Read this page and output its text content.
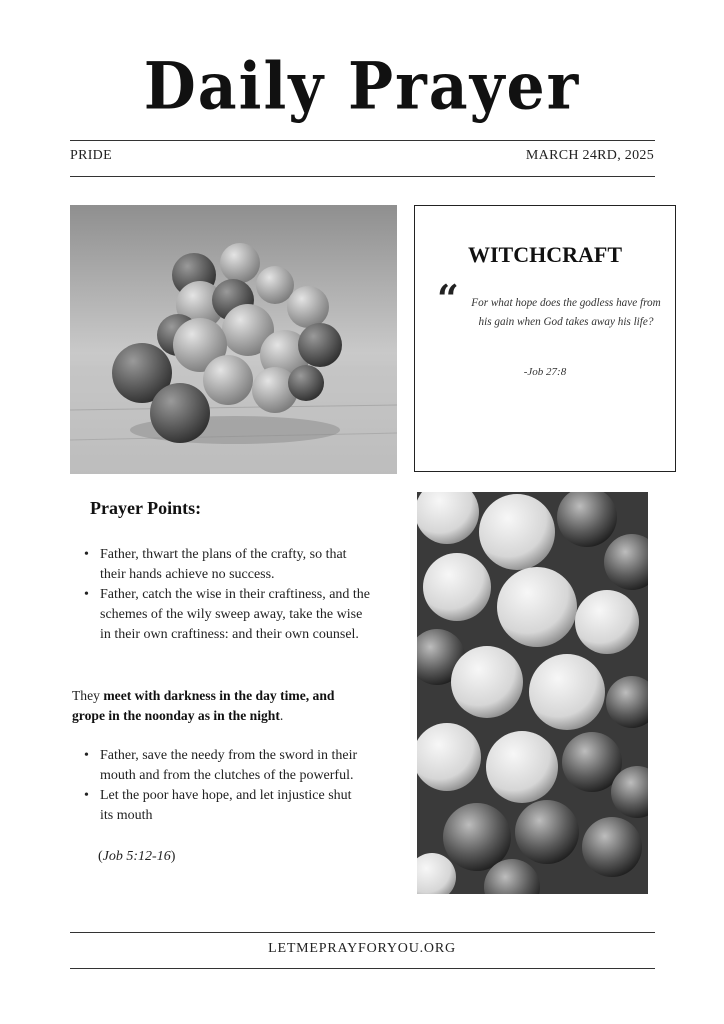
Daily Prayer
PRIDE	MARCH 24RD, 2025
WITCHCRAFT
“ For what hope does the godless have from his gain when God takes away his life?
-Job 27:8
Prayer Points:
• Father, thwart the plans of the crafty, so that their hands achieve no success.
• Father, catch the wise in their craftiness, and the schemes of the wily sweep away, take the wise in their own craftiness: and their own counsel.
They meet with darkness in the day time, and grope in the noonday as in the night.
• Father, save the needy from the sword in their mouth and from the clutches of the powerful.
• Let the poor have hope, and let injustice shut its mouth
(Job 5:12-16)
LETMEPRAYFORYOU.ORG
